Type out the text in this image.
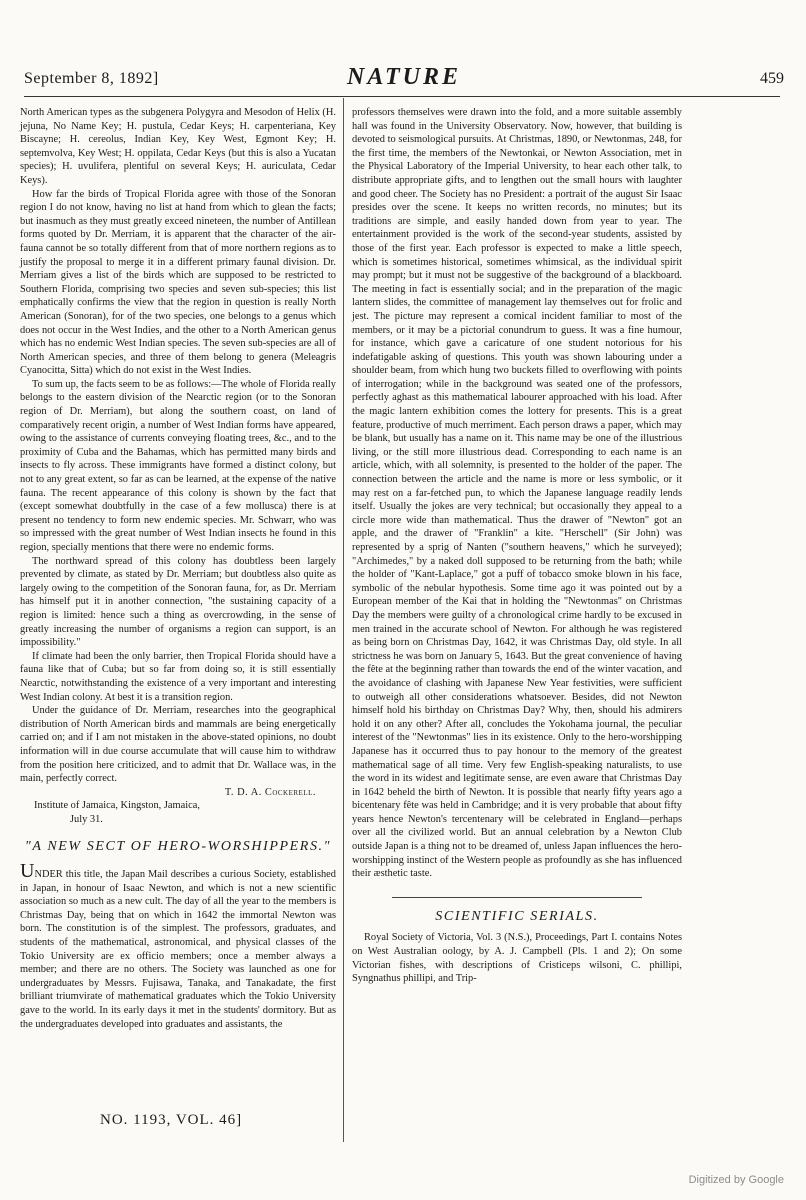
September 8, 1892]	NATURE	459

North American types as the subgenera Polygyra and Mesodon of Helix (H. jejuna, No Name Key; H. pustula, Cedar Keys; H. carpenteriana, Key Biscayne; H. cereolus, Indian Key, Key West, Egmont Key; H. septemvolva, Key West; H. oppilata, Cedar Keys (but this is also a Yucatan species); H. uvulifera, plentiful on several Keys; H. auriculata, Cedar Keys).

How far the birds of Tropical Florida agree with those of the Sonoran region I do not know, having no list at hand from which to glean the facts; but inasmuch as they must greatly exceed nineteen, the number of Antillean forms quoted by Dr. Merriam, it is apparent that the character of the air-fauna cannot be so totally different from that of more northern regions as to justify the proposal to merge it in a different primary faunal division. Dr. Merriam gives a list of the birds which are supposed to be restricted to Southern Florida, comprising two species and seven sub-species; this list emphatically confirms the view that the region in question is really North American (Sonoran), for of the two species, one belongs to a genus which does not occur in the West Indies, and the other to a North American genus which has no endemic West Indian species. The seven sub-species are all of North American species, and three of them belong to genera (Meleagris Cyanocitta, Sitta) which do not exist in the West Indies.

To sum up, the facts seem to be as follows:—The whole of Florida really belongs to the eastern division of the Nearctic region (or to the Sonoran region of Dr. Merriam), but along the southern coast, on land of comparatively recent origin, a number of West Indian forms have appeared, owing to the assistance of currents conveying floating trees, &c., and to the proximity of Cuba and the Bahamas, which has permitted many birds and insects to fly across. These immigrants have formed a distinct colony, but not to any great extent, so far as can be learned, at the expense of the native fauna. The recent appearance of this colony is shown by the fact that (except somewhat doubtfully in the case of a few mollusca) there is at present no tendency to form new endemic species. Mr. Schwarr, who was so impressed with the great number of West Indian insects he found in this region, specially mentions that there were no endemic forms.

The northward spread of this colony has doubtless been largely prevented by climate, as stated by Dr. Merriam; but doubtless also quite as largely owing to the competition of the Sonoran fauna, for, as Dr. Merriam has himself put it in another connection, "the sustaining capacity of a region is limited: hence such a thing as overcrowding, in the sense of greatly increasing the number of organisms a region can support, is an impossibility."

If climate had been the only barrier, then Tropical Florida should have a fauna like that of Cuba; but so far from doing so, it is still essentially Nearctic, notwithstanding the existence of a very important and interesting West Indian colony. At best it is a transition region.

Under the guidance of Dr. Merriam, researches into the geographical distribution of North American birds and mammals are being energetically carried on; and if I am not mistaken in the above-stated opinions, no doubt information will in due course accumulate that will cause him to withdraw from the position here criticized, and to admit that Dr. Wallace was, in the main, perfectly correct.

T. D. A. Cockerell.
Institute of Jamaica, Kingston, Jamaica,
July 31.
"A NEW SECT OF HERO-WORSHIPPERS."

UNDER this title, the Japan Mail describes a curious Society, established in Japan, in honour of Isaac Newton, and which is not a new scientific association so much as a new cult. The day of all the year to the members is Christmas Day, being that on which in 1642 the immortal Newton was born. The constitution is of the simplest. The professors, graduates, and students of the mathematical, astronomical, and physical classes of the Tokio University are ex officio members; once a member always a member; and there are no others. The Society was launched as one for undergraduates by Messrs. Fujisawa, Tanaka, and Tanakadate, the first brilliant triumvirate of mathematical graduates which the Tokio University gave to the world. In its early days it met in the students' dormitory. But as the undergraduates developed into graduates and assistants, the

professors themselves were drawn into the fold, and a more suitable assembly hall was found in the University Observatory. Now, however, that building is devoted to seismological pursuits. At Christmas, 1890, or Newtonmas, 248, for the first time, the members of the Newtonkai, or Newton Association, met in the Physical Laboratory of the Imperial University, to hear each other talk, to distribute appropriate gifts, and to lengthen out the small hours with laughter and good cheer. The Society has no President: a portrait of the august Sir Isaac presides over the scene. It keeps no written records, no minutes; but its traditions are simple, and easily handed down from year to year. The entertainment provided is the work of the second-year students, assisted by those of the first year. Each professor is expected to make a little speech, which is sometimes historical, sometimes whimsical, as the individual spirit may prompt; but it must not be suggestive of the background of a blackboard. The meeting in fact is essentially social; and in the preparation of the magic lantern slides, the committee of management lay themselves out for frolic and jest. The picture may represent a comical incident familiar to most of the members, or it may be a pictorial conundrum to guess. It was a fine humour, for instance, which gave a caricature of one student notorious for his indefatigable asking of questions. This youth was shown labouring under a shoulder beam, from which hung two buckets filled to overflowing with points of interrogation; while in the background was seated one of the professors, perfectly aghast as this mathematical labourer approached with his load. After the magic lantern exhibition comes the lottery for presents. This is a great feature, productive of much merriment. Each person draws a paper, which may be blank, but usually has a name on it. This name may be one of the illustrious living, or the still more illustrious dead. Corresponding to each name is an article, which, with all solemnity, is presented to the holder of the paper. The connection between the article and the name is more or less symbolic, or it may rest on a far-fetched pun, to which the Japanese language readily lends itself. Usually the jokes are very technical; but occasionally they appeal to a circle more wide than mathematical. Thus the drawer of "Newton" got an apple, and the drawer of "Franklin" a kite. "Herschell" (Sir John) was represented by a sprig of Nanten ("southern heavens," which he surveyed); "Archimedes," by a naked doll supposed to be returning from the bath; while the holder of "Kant-Laplace," got a puff of tobacco smoke blown in his face, symbolic of the nebular hypothesis. Some time ago it was pointed out by a European member of the Kai that in holding the "Newtonmas" on Christmas Day the members were guilty of a chronological crime hardly to be excused in men trained in the accurate school of Newton. For although he was registered as being born on Christmas Day, 1642, it was Christmas Day, old style. In all strictness he was born on January 5, 1643. But the great convenience of having the fête at the beginning rather than towards the end of the winter vacation, and the avoidance of clashing with Japanese New Year festivities, were sufficient to outweigh all other considerations whatsoever. Besides, did not Newton himself hold his birthday on Christmas Day? Why, then, should his admirers hold it on any other? After all, concludes the Yokohama journal, the peculiar interest of the "Newtonmas" lies in its existence. Only to the hero-worshipping Japanese has it occurred thus to pay honour to the memory of the greatest mathematical sage of all time. Very few English-speaking naturalists, to use the word in its widest and legitimate sense, are even aware that Christmas Day in 1642 beheld the birth of Newton. It is possible that nearly fifty years ago a bicentenary fête was held in Cambridge; and it is very probable that about fifty years hence Newton's tercentenary will be celebrated in England—perhaps over all the civilized world. But an annual celebration by a Newton Club outside Japan is a thing not to be dreamed of, unless Japan influences the hero-worshipping instinct of the Western people as profoundly as she has influenced their æsthetic taste.

SCIENTIFIC SERIALS.

Royal Society of Victoria, Vol. 3 (N.S.), Proceedings, Part I. contains Notes on West Australian oology, by A. J. Campbell (Pls. 1 and 2); On some Victorian fishes, with descriptions of Cristiceps wilsoni, C. phillipi, Syngnathus phillipi, and Trip-

NO. 1193, VOL. 46]
Digitized by Google
